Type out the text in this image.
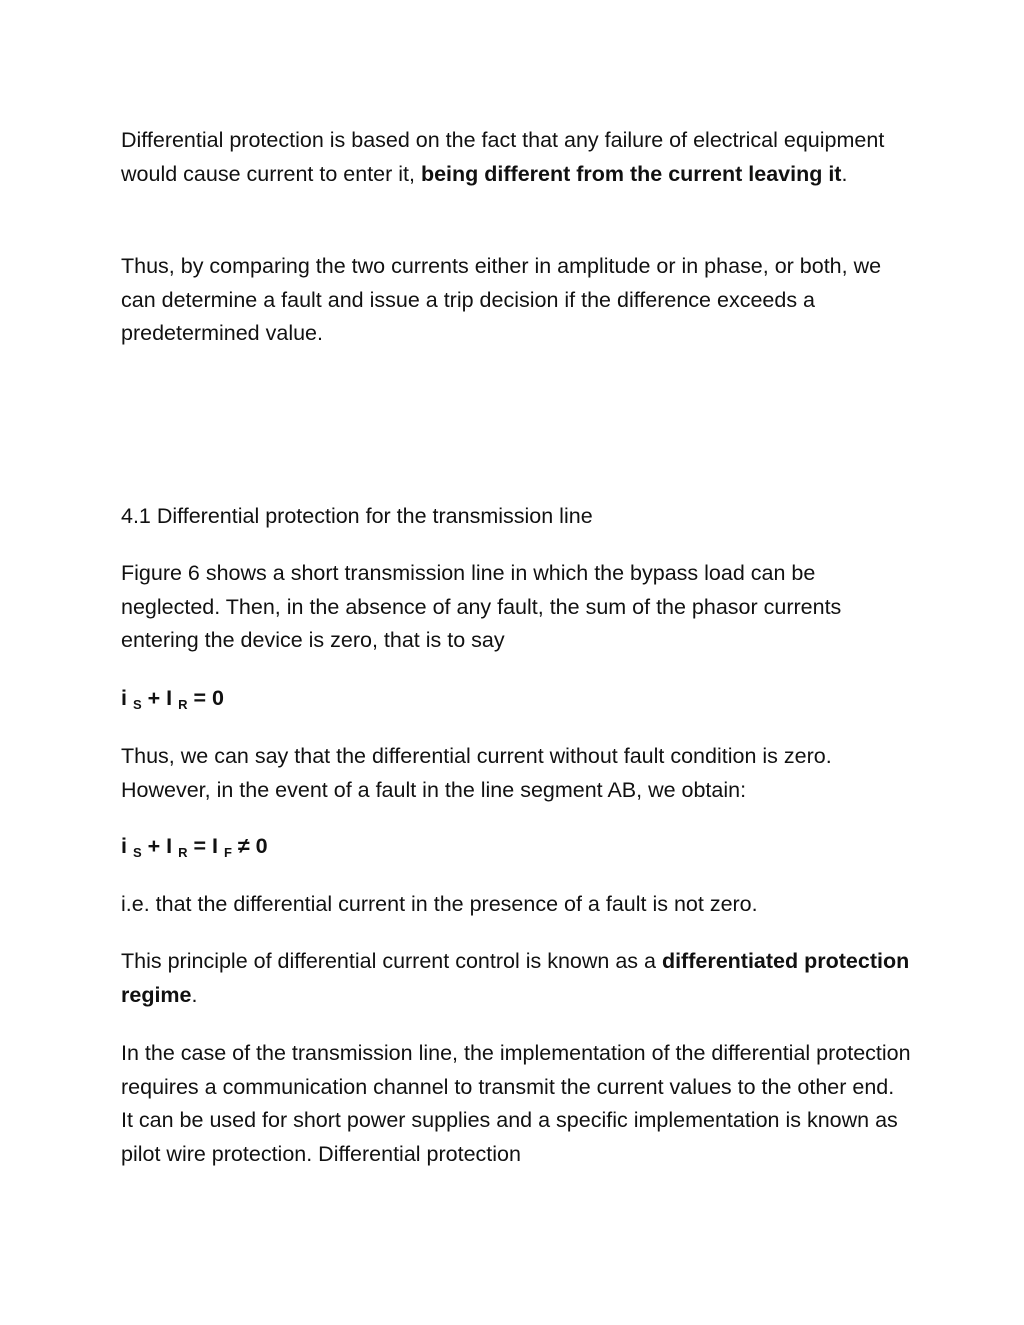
Differential protection is based on the fact that any failure of electrical equipment would cause current to enter it, being different from the current leaving it.

Thus, by comparing the two currents either in amplitude or in phase, or both, we can determine a fault and issue a trip decision if the difference exceeds a predetermined value.

4.1 Differential protection for the transmission line

Figure 6 shows a short transmission line in which the bypass load can be neglected. Then, in the absence of any fault, the sum of the phasor currents entering the device is zero, that is to say

i S + I R = 0

Thus, we can say that the differential current without fault condition is zero. However, in the event of a fault in the line segment AB, we obtain:

i S + I R = I F ≠ 0

i.e. that the differential current in the presence of a fault is not zero.

This principle of differential current control is known as a differentiated protection regime.

In the case of the transmission line, the implementation of the differential protection requires a communication channel to transmit the current values to the other end. It can be used for short power supplies and a specific implementation is known as pilot wire protection. Differential protection
